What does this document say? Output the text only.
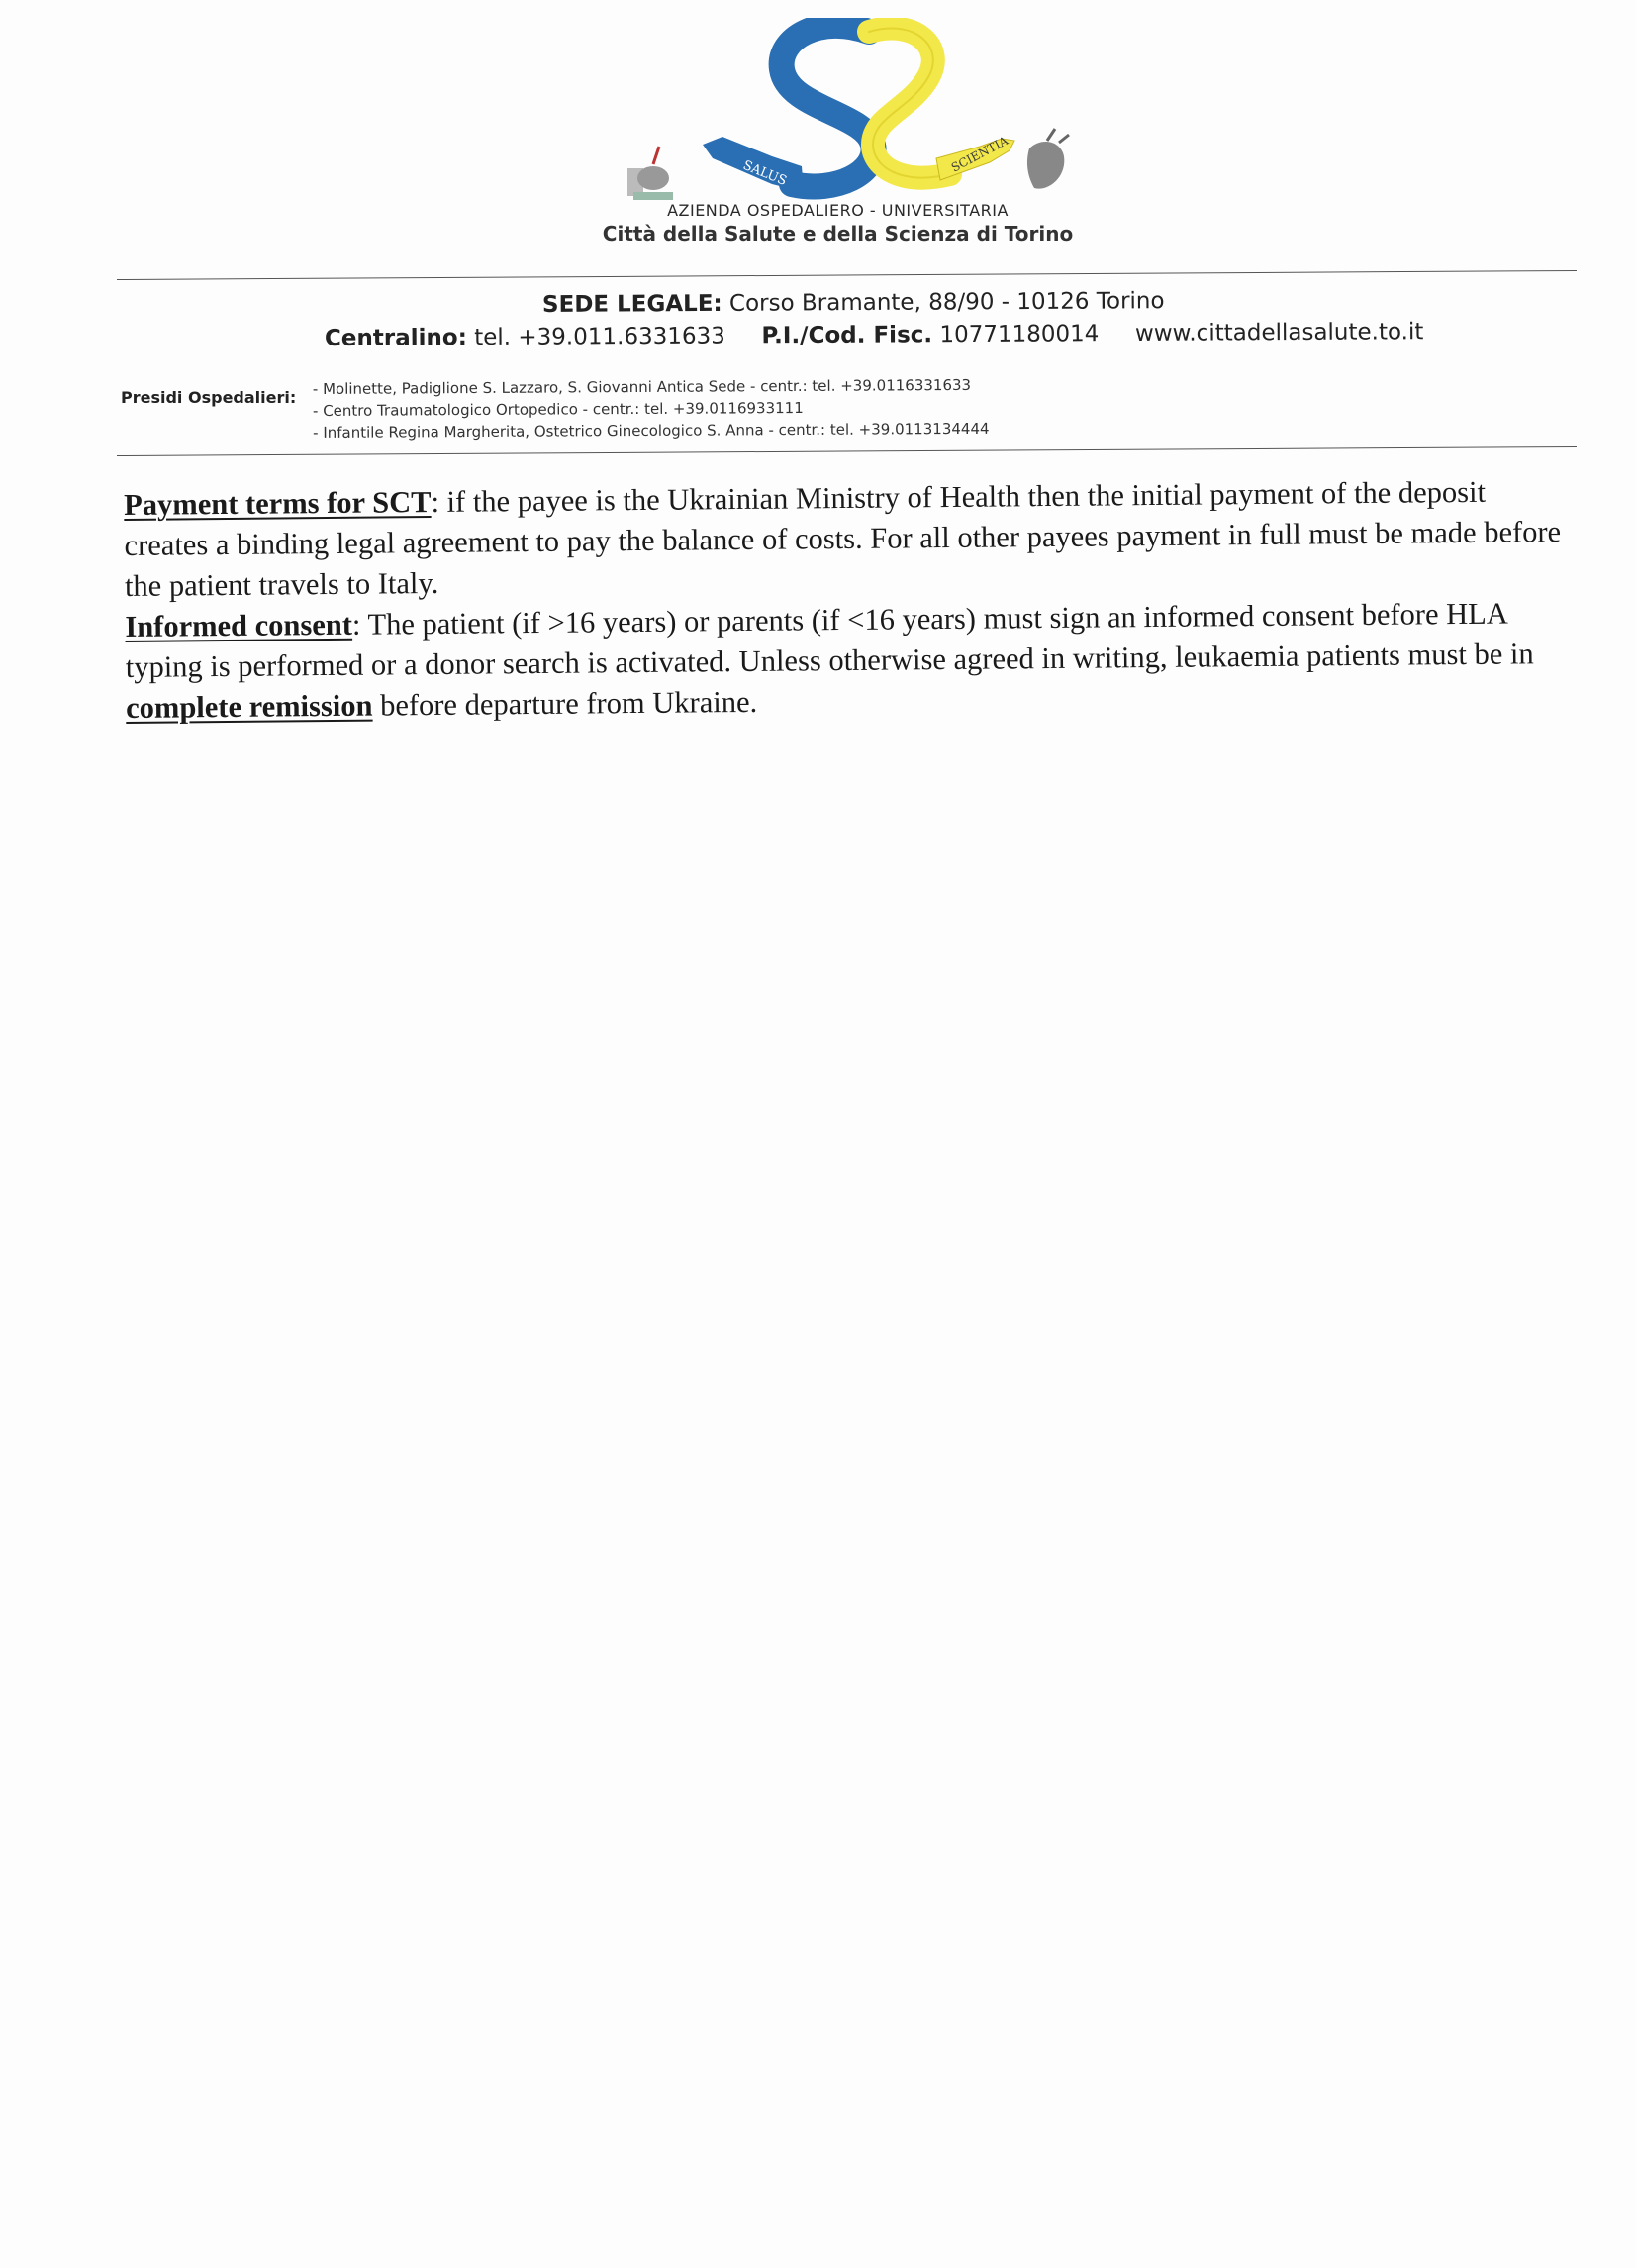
SALUS	SCIENTIA
AZIENDA OSPEDALIERO - UNIVERSITARIA
Città della Salute e della Scienza di Torino
SEDE LEGALE: Corso Bramante, 88/90 - 10126 Torino
Centralino: tel. +39.011.6331633 P.I./Cod. Fisc. 10771180014 www.cittadellasalute.to.it
Presidi Ospedalieri: - Molinette, Padiglione S. Lazzaro, S. Giovanni Antica Sede - centr.: tel. +39.0116331633
- Centro Traumatologico Ortopedico - centr.: tel. +39.0116933111
- Infantile Regina Margherita, Ostetrico Ginecologico S. Anna - centr.: tel. +39.0113134444

Payment terms for SCT: if the payee is the Ukrainian Ministry of Health then the initial payment of the deposit creates a binding legal agreement to pay the balance of costs. For all other payees payment in full must be made before the patient travels to Italy.

Informed consent: The patient (if >16 years) or parents (if <16 years) must sign an informed consent before HLA typing is performed or a donor search is activated. Unless otherwise agreed in writing, leukaemia patients must be in complete remission before departure from Ukraine.
